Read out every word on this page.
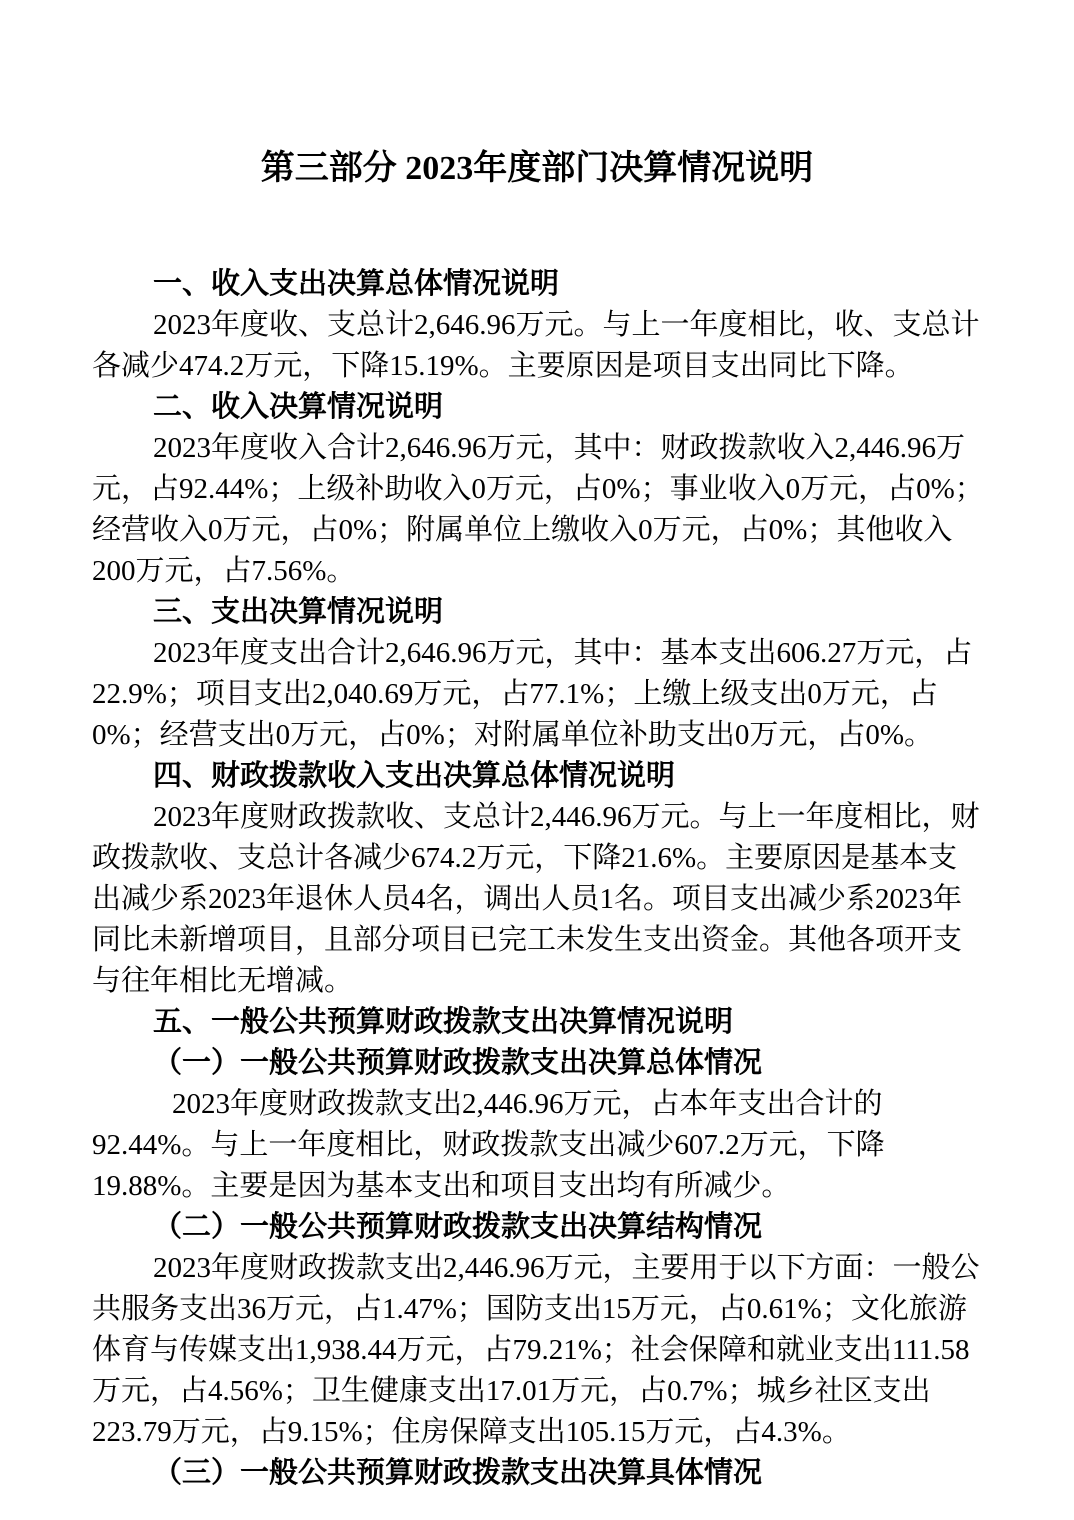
第三部分 2023年度部门决算情况说明
一、收入支出决算总体情况说明

2023年度收、支总计2,646.96万元。与上一年度相比，收、支总计各减少474.2万元，下降15.19%。主要原因是项目支出同比下降。

二、收入决算情况说明

2023年度收入合计2,646.96万元，其中：财政拨款收入2,446.96万元，占92.44%；上级补助收入0万元，占0%；事业收入0万元，占0%；经营收入0万元，占0%；附属单位上缴收入0万元，占0%；其他收入200万元，占7.56%。

三、支出决算情况说明

2023年度支出合计2,646.96万元，其中：基本支出606.27万元，占22.9%；项目支出2,040.69万元，占77.1%；上缴上级支出0万元，占0%；经营支出0万元，占0%；对附属单位补助支出0万元，占0%。

四、财政拨款收入支出决算总体情况说明

2023年度财政拨款收、支总计2,446.96万元。与上一年度相比，财政拨款收、支总计各减少674.2万元，下降21.6%。主要原因是基本支出减少系2023年退休人员4名，调出人员1名。项目支出减少系2023年同比未新增项目，且部分项目已完工未发生支出资金。其他各项开支与往年相比无增减。

五、一般公共预算财政拨款支出决算情况说明
（一）一般公共预算财政拨款支出决算总体情况

2023年度财政拨款支出2,446.96万元，占本年支出合计的92.44%。与上一年度相比，财政拨款支出减少607.2万元，下降19.88%。主要是因为基本支出和项目支出均有所减少。

（二）一般公共预算财政拨款支出决算结构情况

2023年度财政拨款支出2,446.96万元，主要用于以下方面：一般公共服务支出36万元，占1.47%；国防支出15万元，占0.61%；文化旅游体育与传媒支出1,938.44万元，占79.21%；社会保障和就业支出111.58万元，占4.56%；卫生健康支出17.01万元，占0.7%；城乡社区支出223.79万元，占9.15%；住房保障支出105.15万元，占4.3%。

（三）一般公共预算财政拨款支出决算具体情况
